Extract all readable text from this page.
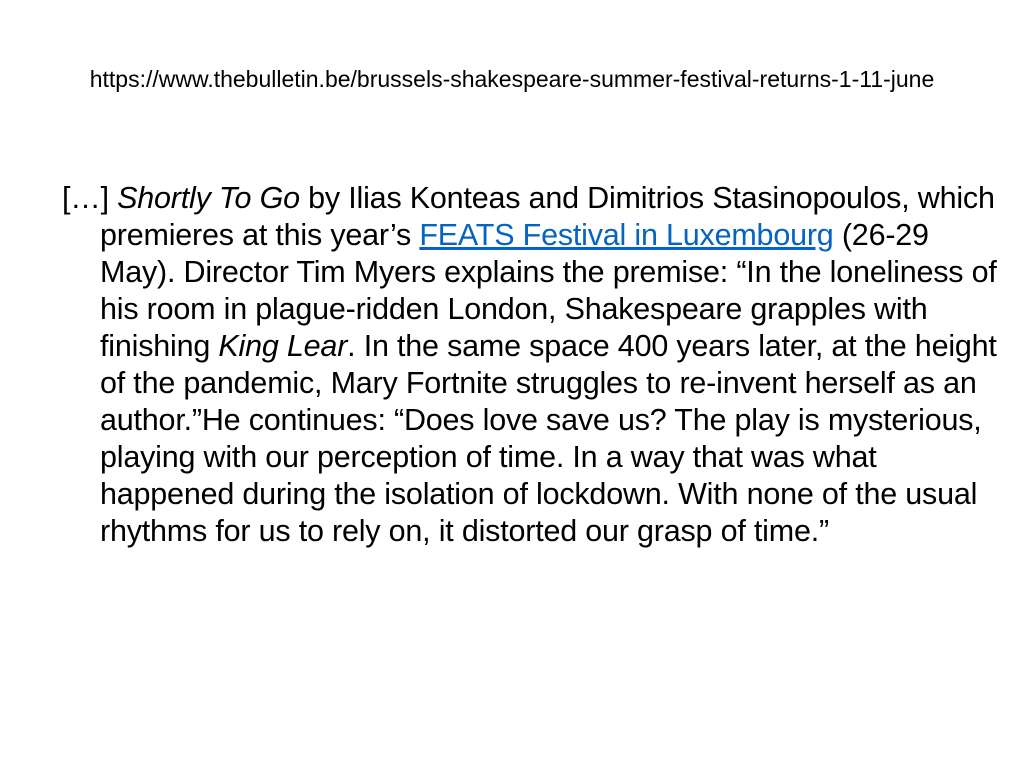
https://www.thebulletin.be/brussels-shakespeare-summer-festival-returns-1-11-june

[…] Shortly To Go by Ilias Konteas and Dimitrios Stasinopoulos, which premieres at this year’s FEATS Festival in Luxembourg (26-29 May). Director Tim Myers explains the premise: “In the loneliness of his room in plague-ridden London, Shakespeare grapples with finishing King Lear. In the same space 400 years later, at the height of the pandemic, Mary Fortnite struggles to re-invent herself as an author.”He continues: “Does love save us? The play is mysterious, playing with our perception of time. In a way that was what happened during the isolation of lockdown. With none of the usual rhythms for us to rely on, it distorted our grasp of time.”
